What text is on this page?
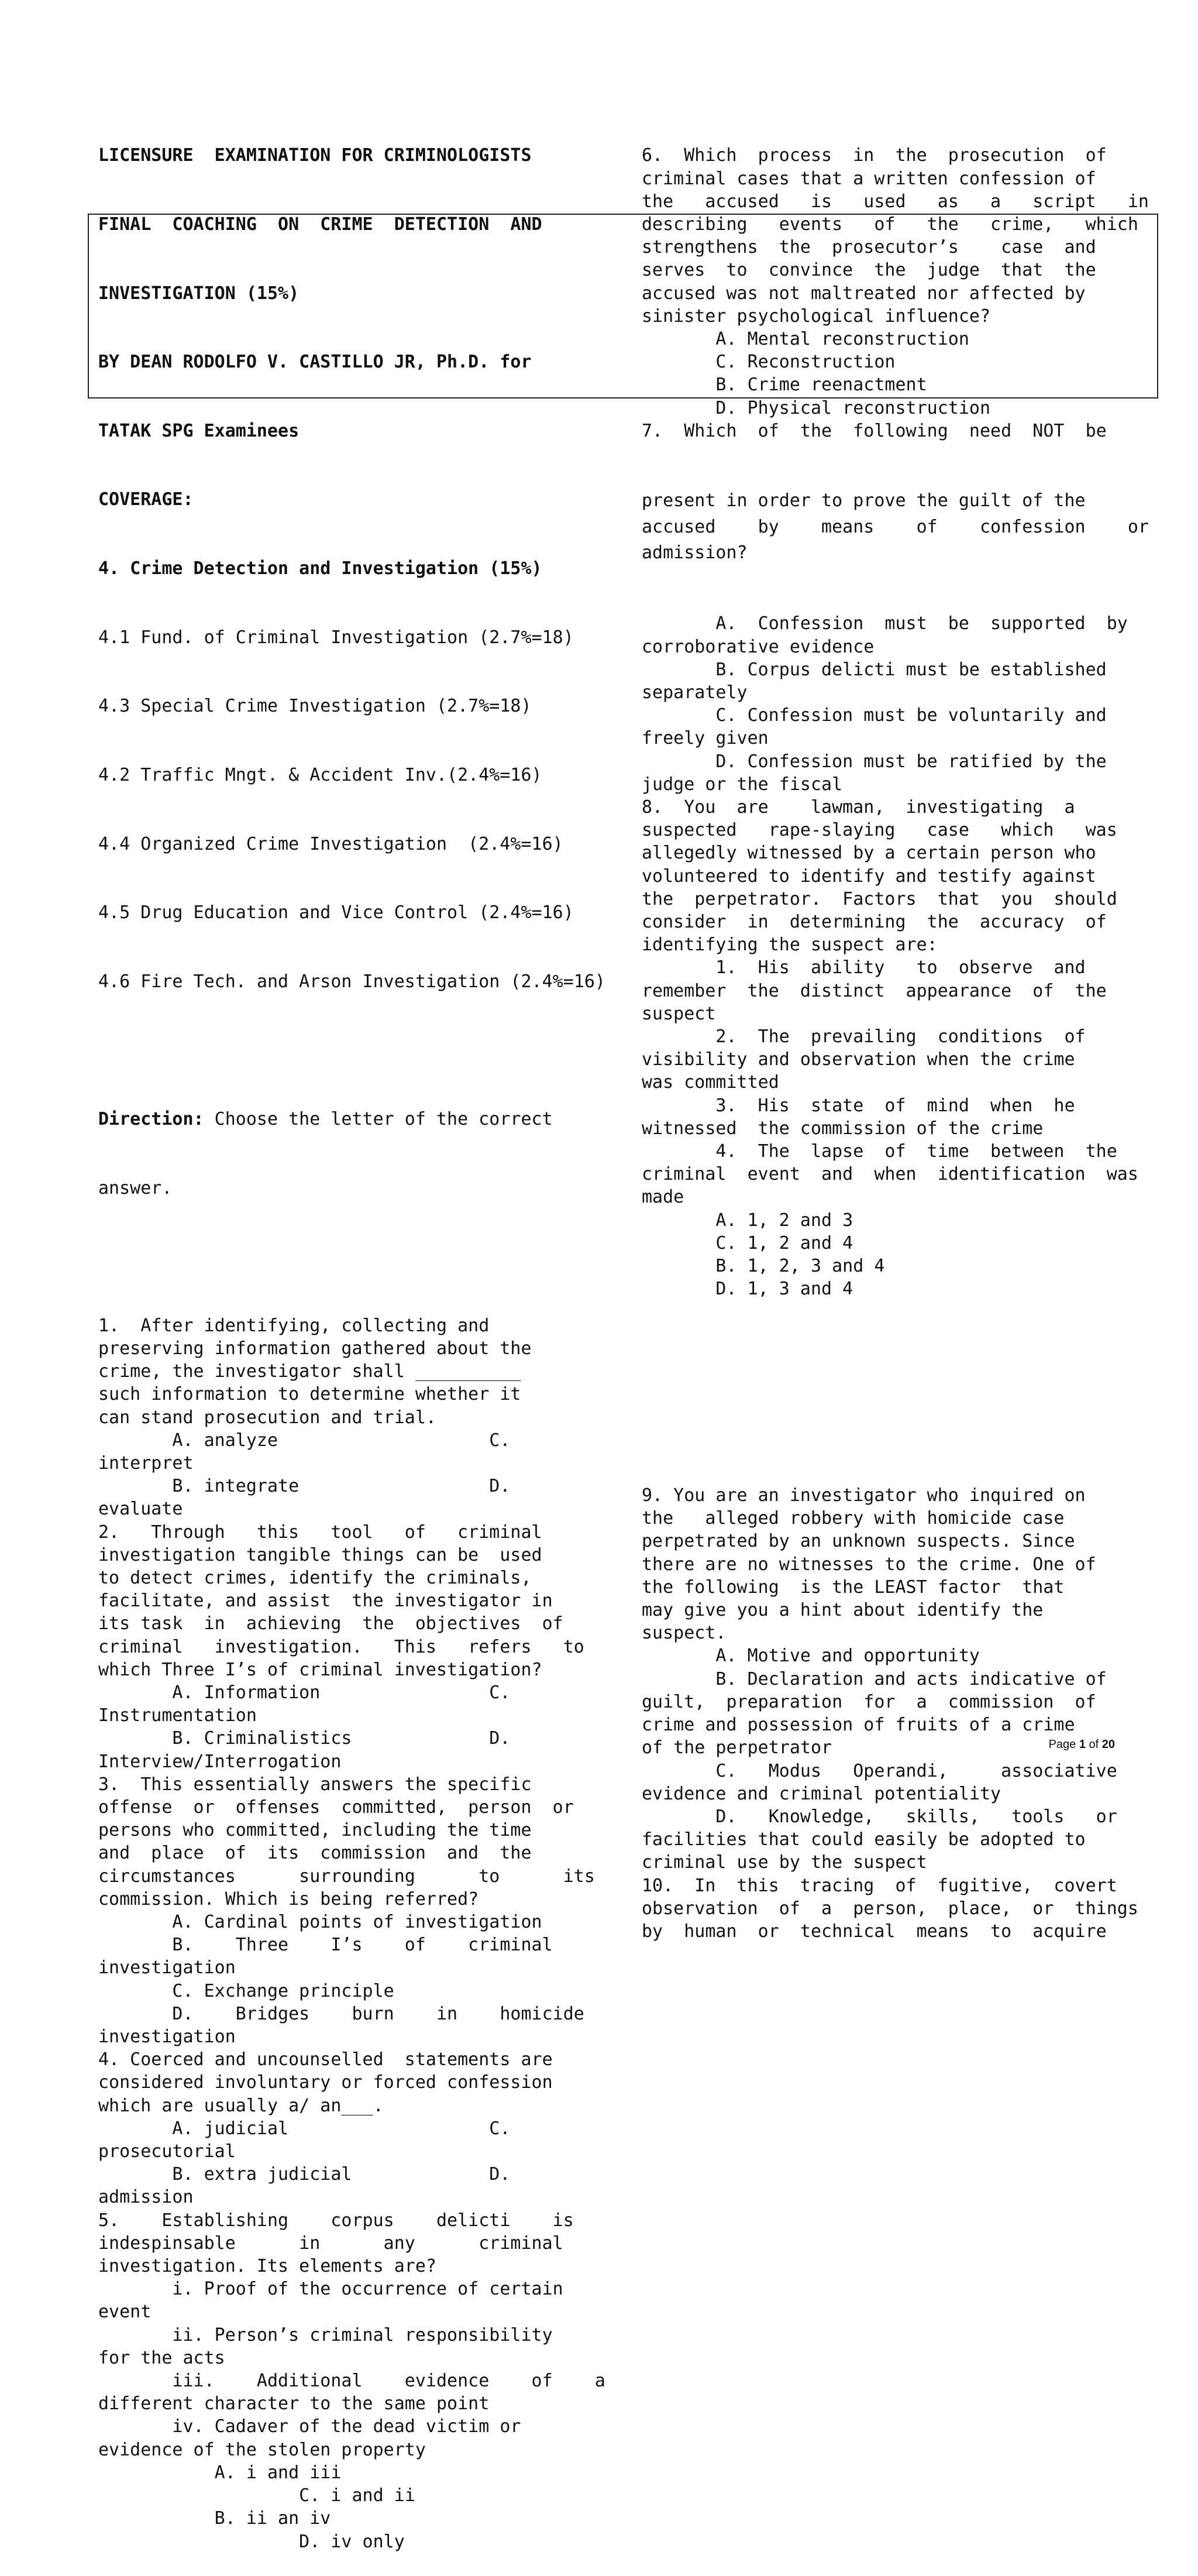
LICENSURE  EXAMINATION FOR CRIMINOLOGISTS

FINAL  COACHING  ON  CRIME  DETECTION  AND

INVESTIGATION (15%)

BY DEAN RODOLFO V. CASTILLO JR, Ph.D. for

TATAK SPG Examinees

COVERAGE:

4. Crime Detection and Investigation (15%)

4.1 Fund. of Criminal Investigation (2.7%=18)

4.3 Special Crime Investigation (2.7%=18)

4.2 Traffic Mngt. & Accident Inv.(2.4%=16)

4.4 Organized Crime Investigation  (2.4%=16)

4.5 Drug Education and Vice Control (2.4%=16)

4.6 Fire Tech. and Arson Investigation (2.4%=16)

Direction: Choose the letter of the correct

answer.

1.  After identifying, collecting and
preserving information gathered about the
crime, the investigator shall __________
such information to determine whether it
can stand prosecution and trial.
A. analyze                    C.
interpret
B. integrate                  D.
evaluate
2.   Through   this   tool   of   criminal
investigation tangible things can be  used
to detect crimes, identify the criminals,
facilitate, and assist  the investigator in
its task  in  achieving  the  objectives  of
criminal   investigation.   This   refers   to
which Three I’s of criminal investigation?
A. Information                C.
Instrumentation
B. Criminalistics             D.
Interview/Interrogation
3.  This essentially answers the specific
offense  or  offenses  committed,  person  or
persons who committed, including the time
and  place  of  its  commission  and  the
circumstances      surrounding      to      its
commission. Which is being referred?
A. Cardinal points of investigation
B.    Three    I’s    of    criminal
investigation
C. Exchange principle
D.    Bridges    burn    in    homicide
investigation
4. Coerced and uncounselled  statements are
considered involuntary or forced confession
which are usually a/ an___.
A. judicial                   C.
prosecutorial
B. extra judicial             D.
admission
5.    Establishing    corpus    delicti    is
indespinsable      in      any      criminal
investigation. Its elements are?
i. Proof of the occurrence of certain
event
ii. Person’s criminal responsibility
for the acts
iii.    Additional    evidence    of    a
different character to the same point
iv. Cadaver of the dead victim or
evidence of the stolen property
A. i and iii
C. i and ii
B. ii an iv
D. iv only

6.  Which  process  in  the  prosecution  of
criminal cases that a written confession of
the   accused   is   used   as   a   script   in
describing   events   of   the   crime,   which
strengthens  the  prosecutor’s    case  and
serves  to  convince  the  judge  that  the
accused was not maltreated nor affected by
sinister psychological influence?
A. Mental reconstruction
C. Reconstruction
B. Crime reenactment
D. Physical reconstruction
7.  Which  of  the  following  need  NOT  be

present in order to prove the guilt of the
accused    by    means    of    confession    or
admission?

A.  Confession  must  be  supported  by
corroborative evidence
B. Corpus delicti must be established
separately
C. Confession must be voluntarily and
freely given
D. Confession must be ratified by the
judge or the fiscal
8.  You  are    lawman,  investigating  a
suspected   rape-slaying   case   which   was
allegedly witnessed by a certain person who
volunteered to identify and testify against
the  perpetrator.  Factors  that  you  should
consider  in  determining  the  accuracy  of
identifying the suspect are:
1.  His  ability   to  observe  and
remember  the  distinct  appearance  of  the
suspect
2.  The  prevailing  conditions  of
visibility and observation when the crime
was committed
3.  His  state  of  mind  when  he
witnessed  the commission of the crime
4.  The  lapse  of  time  between  the
criminal  event  and  when  identification  was
made
A. 1, 2 and 3
C. 1, 2 and 4
B. 1, 2, 3 and 4
D. 1, 3 and 4

9. You are an investigator who inquired on
the   alleged robbery with homicide case
perpetrated by an unknown suspects. Since
there are no witnesses to the crime. One of
the following  is the LEAST factor  that
may give you a hint about identify the
suspect.
A. Motive and opportunity
B. Declaration and acts indicative of
guilt,  preparation  for  a  commission  of
crime and possession of fruits of a crime
of the perpetrator
C.   Modus   Operandi,     associative
evidence and criminal potentiality
D.   Knowledge,   skills,   tools   or
facilities that could easily be adopted to
criminal use by the suspect
10.  In  this  tracing  of  fugitive,  covert
observation  of  a  person,  place,  or  things
by  human  or  technical  means  to  acquire

Page 1 of 20
